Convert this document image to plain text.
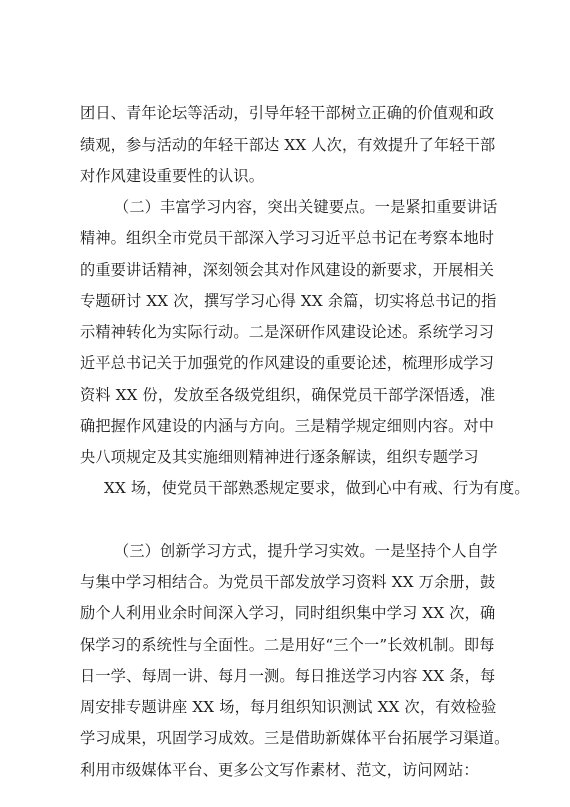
团日、青年论坛等活动，引导年轻干部树立正确的价值观和政
绩观，参与活动的年轻干部达 XX 人次，有效提升了年轻干部
对作风建设重要性的认识。
（二）丰富学习内容，突出关键要点。一是紧扣重要讲话
精神。组织全市党员干部深入学习习近平总书记在考察本地时
的重要讲话精神，深刻领会其对作风建设的新要求，开展相关
专题研讨 XX 次，撰写学习心得 XX 余篇，切实将总书记的指
示精神转化为实际行动。二是深研作风建设论述。系统学习习
近平总书记关于加强党的作风建设的重要论述，梳理形成学习
资料 XX 份，发放至各级党组织，确保党员干部学深悟透，准
确把握作风建设的内涵与方向。三是精学规定细则内容。对中
央八项规定及其实施细则精神进行逐条解读，组织专题学习
XX 场，使党员干部熟悉规定要求，做到心中有戒、行为有度。
（三）创新学习方式，提升学习实效。一是坚持个人自学
与集中学习相结合。为党员干部发放学习资料 XX 万余册，鼓
励个人利用业余时间深入学习，同时组织集中学习 XX 次，确
保学习的系统性与全面性。二是用好“三个一”长效机制。即每
日一学、每周一讲、每月一测。每日推送学习内容 XX 条，每
周安排专题讲座 XX 场，每月组织知识测试 XX 次，有效检验
学习成果，巩固学习成效。三是借助新媒体平台拓展学习渠道。
利用市级媒体平台、更多公文写作素材、范文，访问网站：
